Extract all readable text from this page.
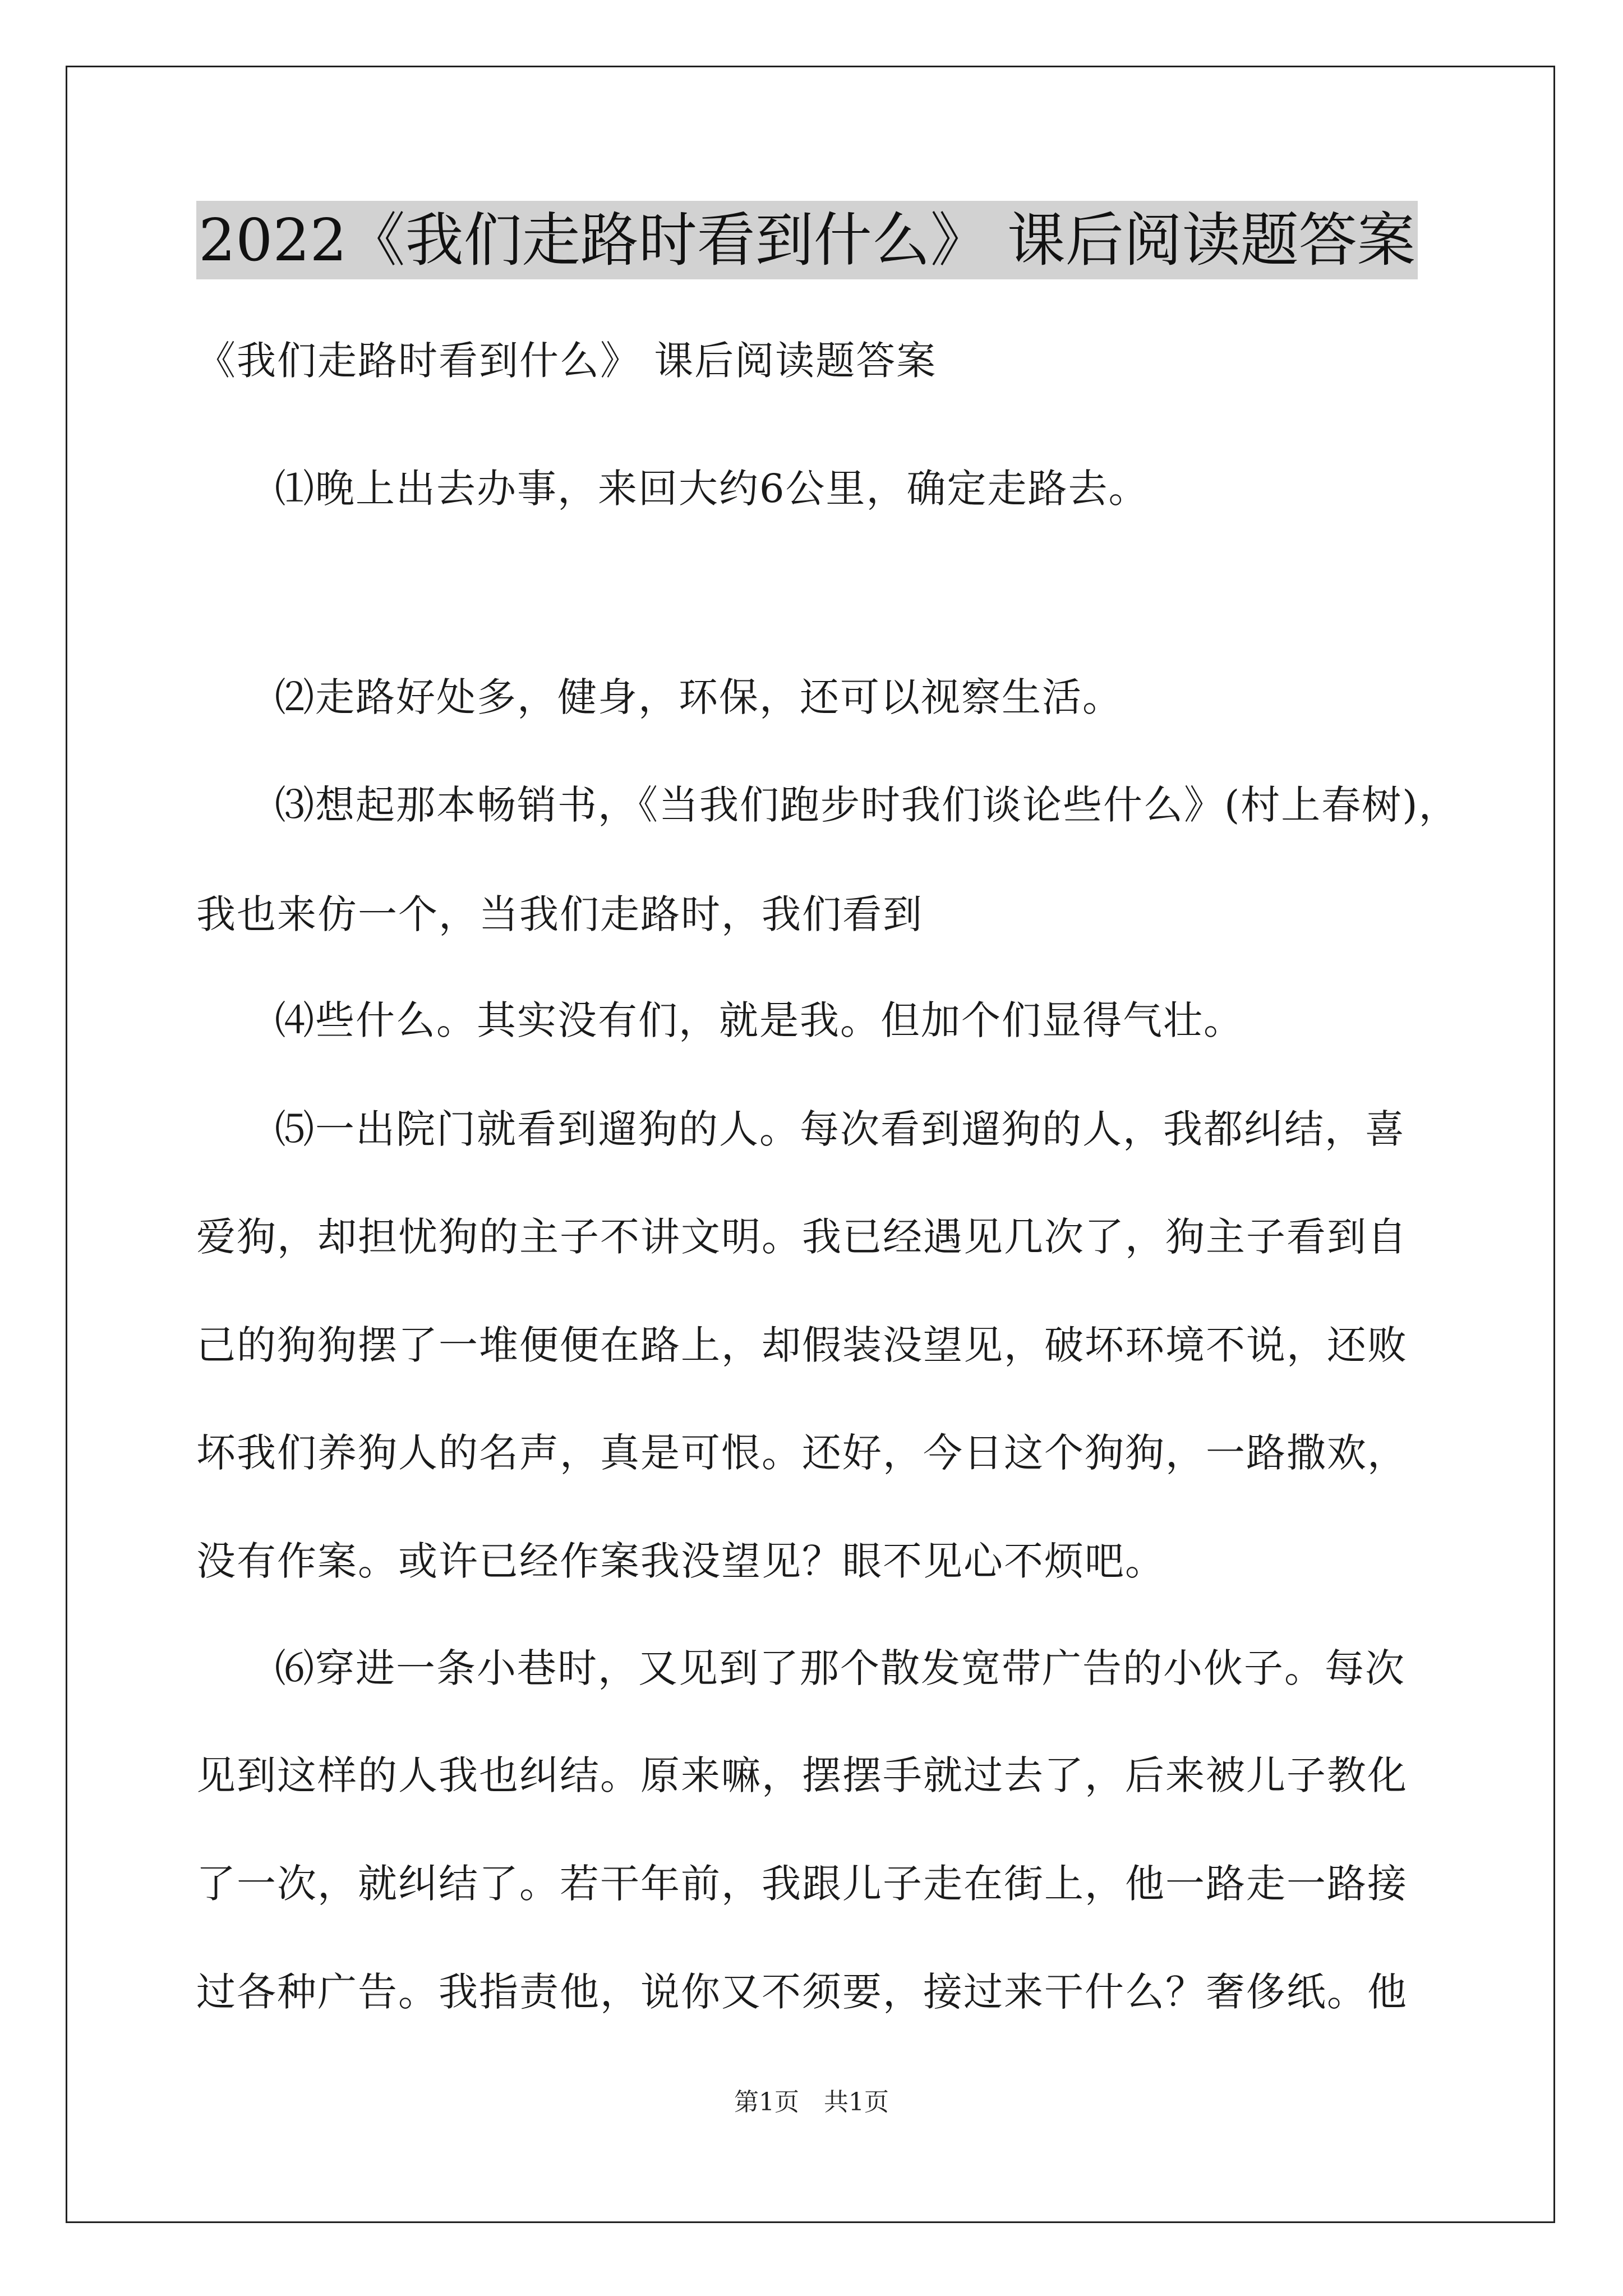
2022《我们走路时看到什么》 课后阅读题答案
《我们走路时看到什么》 课后阅读题答案
⑴晚上出去办事，来回大约6公里，确定走路去。
⑵走路好处多，健身，环保，还可以视察生活。
⑶想起那本畅销书，《当我们跑步时我们谈论些什么》(村上春树)，
我也来仿一个，当我们走路时，我们看到
⑷些什么。其实没有们，就是我。但加个们显得气壮。
⑸一出院门就看到遛狗的人。每次看到遛狗的人，我都纠结，喜
爱狗，却担忧狗的主子不讲文明。我已经遇见几次了，狗主子看到自
己的狗狗摆了一堆便便在路上，却假装没望见，破坏环境不说，还败
坏我们养狗人的名声，真是可恨。还好，今日这个狗狗，一路撒欢，
没有作案。或许已经作案我没望见？眼不见心不烦吧。
⑹穿进一条小巷时，又见到了那个散发宽带广告的小伙子。每次
见到这样的人我也纠结。原来嘛，摆摆手就过去了，后来被儿子教化
了一次，就纠结了。若干年前，我跟儿子走在街上，他一路走一路接
过各种广告。我指责他，说你又不须要，接过来干什么？奢侈纸。他
第1页　共1页
